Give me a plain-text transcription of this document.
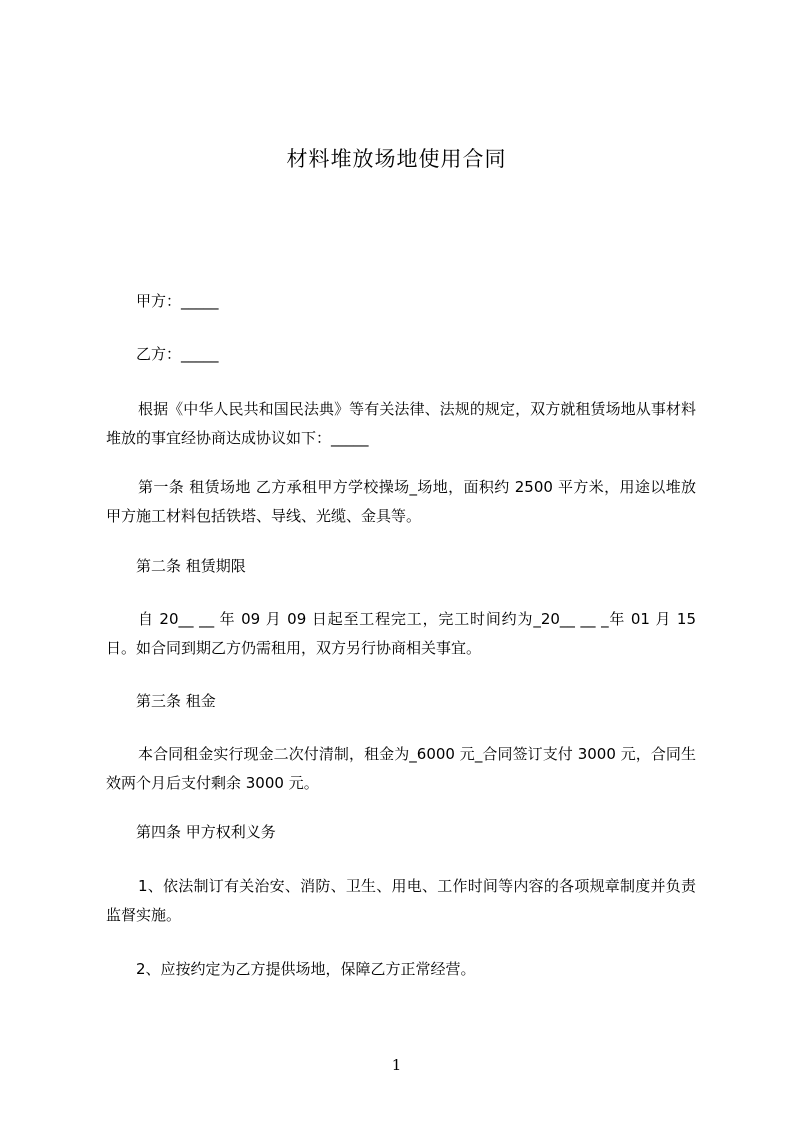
材料堆放场地使用合同
甲方：_____
乙方：_____
根据《中华人民共和国民法典》等有关法律、法规的规定，双方就租赁场地从事材料堆放的事宜经协商达成协议如下：_____
第一条 租赁场地 乙方承租甲方学校操场_场地，面积约 2500 平方米，用途以堆放甲方施工材料包括铁塔、导线、光缆、金具等。
第二条 租赁期限
自 20__ __ 年 09 月 09 日起至工程完工，完工时间约为_20__ __ _年 01 月 15 日。如合同到期乙方仍需租用，双方另行协商相关事宜。
第三条 租金
本合同租金实行现金二次付清制，租金为_6000 元_合同签订支付 3000 元，合同生效两个月后支付剩余 3000 元。
第四条 甲方权利义务
1、依法制订有关治安、消防、卫生、用电、工作时间等内容的各项规章制度并负责监督实施。
2、应按约定为乙方提供场地，保障乙方正常经营。
1
